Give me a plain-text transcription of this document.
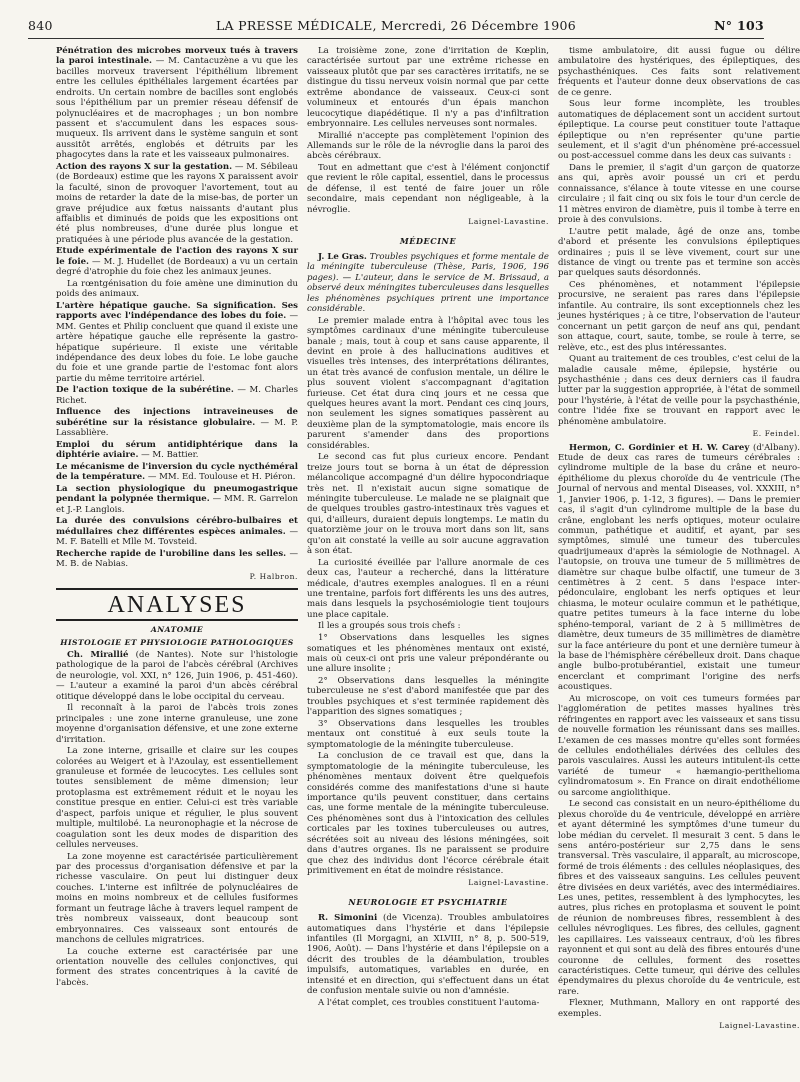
840	LA PRESSE MÉDICALE, Mercredi, 26 Décembre 1906	N° 103

Pénétration des microbes morveux tués à travers la paroi intestinale. — M. Cantacuzène a vu que les bacilles morveux traversent l'épithélium librement entre les cellules épithéliales largement écartées par endroits. Un certain nombre de bacilles sont englobés sous l'épithélium par un premier réseau défensif de polynucléaires et de macrophages ; un bon nombre passent et s'accumulent dans les espaces sous-muqueux. Ils arrivent dans le système sanguin et sont aussitôt arrêtés, englobés et détruits par les phagocytes dans la rate et les vaisseaux pulmonaires.

Action des rayons X sur la gestation. — M. Sébileau (de Bordeaux) estime que les rayons X paraissent avoir la faculté, sinon de provoquer l'avortement, tout au moins de retarder la date de la mise-bas, de porter un grave préjudice aux fœtus naissants d'autant plus affaiblis et diminués de poids que les expositions ont été plus nombreuses, d'une durée plus longue et pratiquées à une période plus avancée de la gestation.

Etude expérimentale de l'action des rayons X sur le foie. — M. J. Hudellet (de Bordeaux) a vu un certain degré d'atrophie du foie chez les animaux jeunes.

La rœntgénisation du foie amène une diminution du poids des animaux.

L'artère hépatique gauche. Sa signification. Ses rapports avec l'indépendance des lobes du foie. — MM. Gentes et Philip concluent que quand il existe une artère hépatique gauche elle représente la gastro-hépatique supérieure. Il existe une véritable indépendance des deux lobes du foie. Le lobe gauche du foie et une grande partie de l'estomac font alors partie du même territoire artériel.

De l'action toxique de la subérétine. — M. Charles Richet.

Influence des injections intraveineuses de subérétine sur la résistance globulaire. — M. P. Lassablière.

Emploi du sérum antidiphtérique dans la diphtérie aviaire. — M. Battier.

Le mécanisme de l'inversion du cycle nycthéméral de la température. — MM. Ed. Toulouse et H. Piéron.

La section physiologique du pneumogastrique pendant la polypnée thermique. — MM. R. Garrelon et J.-P. Langlois.

La durée des convulsions cérébro-bulbaires et médullaires chez différentes espèces animales. — M. F. Batelli et Mlle M. Tovsteid.

Recherche rapide de l'urobiline dans les selles. — M. B. de Nabias.

P. Halbron.

ANALYSES

ANATOMIE

HISTOLOGIE ET PHYSIOLOGIE PATHOLOGIQUES

Ch. Mirallié (de Nantes). Note sur l'histologie pathologique de la paroi de l'abcès cérébral (Archives de neurologie, vol. XXI, n° 126, Juin 1906, p. 451-460). — L'auteur a examiné la paroi d'un abcès cérébral otitique développé dans le lobe occipital du cerveau.

Il reconnaît à la paroi de l'abcès trois zones principales : une zone interne granuleuse, une zone moyenne d'organisation défensive, et une zone externe d'irritation.

La zone interne, grisaille et claire sur les coupes colorées au Weigert et à l'Azoulay, est essentiellement granuleuse et formée de leucocytes. Les cellules sont toutes sensiblement de même dimension; leur protoplasma est extrêmement réduit et le noyau les constitue presque en entier. Celui-ci est très variable d'aspect, parfois unique et régulier, le plus souvent multiple, multilobé. La neuronophagie et la nécrose de coagulation sont les deux modes de disparition des cellules nerveuses.

La zone moyenne est caractérisée particulièrement par des processus d'organisation défensive et par la richesse vasculaire. On peut lui distinguer deux couches. L'interne est infiltrée de polynucléaires de moins en moins nombreux et de cellules fusiformes formant un feutrage lâche à travers lequel rampent de très nombreux vaisseaux, dont beaucoup sont embryonnaires. Ces vaisseaux sont entourés de manchons de cellules migratrices.

La couche externe est caractérisée par une orientation nouvelle des cellules conjonctives, qui forment des strates concentriques à la cavité de l'abcès.

La troisième zone, zone d'irritation de Kœplin, caractérisée surtout par une extrême richesse en vaisseaux plutôt que par ses caractères irritatifs, ne se distingue du tissu nerveux voisin normal que par cette extrême abondance de vaisseaux. Ceux-ci sont volumineux et entourés d'un épais manchon leucocytique diapédétique. Il n'y a pas d'infiltration embryonnaire. Les cellules nerveuses sont normales.

Mirallié n'accepte pas complètement l'opinion des Allemands sur le rôle de la névroglie dans la paroi des abcès cérébraux.

Tout en admettant que c'est à l'élément conjonctif que revient le rôle capital, essentiel, dans le processus de défense, il est tenté de faire jouer un rôle secondaire, mais cependant non négligeable, à la névroglie.

Laignel-Lavastine.

MÉDECINE

J. Le Gras. Troubles psychiques et forme mentale de la méningite tuberculeuse (Thèse, Paris, 1906, 196 pages). — L'auteur, dans le service de M. Brissaud, a observé deux méningites tuberculeuses dans lesquelles les phénomènes psychiques prirent une importance considérable.

Le premier malade entra à l'hôpital avec tous les symptômes cardinaux d'une méningite tuberculeuse banale ; mais, tout à coup et sans cause apparente, il devint en proie à des hallucinations auditives et visuelles très intenses, des interprétations délirantes, un état très avancé de confusion mentale, un délire le plus souvent violent s'accompagnant d'agitation furieuse. Cet état dura cinq jours et ne cessa que quelques heures avant la mort. Pendant ces cinq jours, non seulement les signes somatiques passèrent au deuxième plan de la symptomatologie, mais encore ils parurent s'amender dans des proportions considérables.

Le second cas fut plus curieux encore. Pendant treize jours tout se borna à un état de dépression mélancolique accompagné d'un délire hypocondriaque très net. Il n'existait aucun signe somatique de méningite tuberculeuse. Le malade ne se plaignait que de quelques troubles gastro-intestinaux très vagues et qui, d'ailleurs, duraient depuis longtemps. Le matin du quatorzième jour on le trouva mort dans son lit, sans qu'on ait constaté la veille au soir aucune aggravation à son état.

La curiosité éveillée par l'allure anormale de ces deux cas, l'auteur a recherché, dans la littérature médicale, d'autres exemples analogues. Il en a réuni une trentaine, parfois fort différents les uns des autres, mais dans lesquels la psychosémiologie tient toujours une place capitale.

Il les a groupés sous trois chefs :

1° Observations dans lesquelles les signes somatiques et les phénomènes mentaux ont existé, mais où ceux-ci ont pris une valeur prépondérante ou une allure insolite ;

2° Observations dans lesquelles la méningite tuberculeuse ne s'est d'abord manifestée que par des troubles psychiques et s'est terminée rapidement dès l'apparition des signes somatiques ;

3° Observations dans lesquelles les troubles mentaux ont constitué à eux seuls toute la symptomatologie de la méningite tuberculeuse.

La conclusion de ce travail est que, dans la symptomatologie de la méningite tuberculeuse, les phénomènes mentaux doivent être quelquefois considérés comme des manifestations d'une si haute importance qu'ils peuvent constituer, dans certains cas, une forme mentale de la méningite tuberculeuse. Ces phénomènes sont dus à l'intoxication des cellules corticales par les toxines tuberculeuses ou autres, sécrétées soit au niveau des lésions méningées, soit dans d'autres organes. Ils ne paraissent se produire que chez des individus dont l'écorce cérébrale était primitivement en état de moindre résistance.

Laignel-Lavastine.

NEUROLOGIE ET PSYCHIATRIE

R. Simonini (de Vicenza). Troubles ambulatoires automatiques dans l'hystérie et dans l'épilepsie infantiles (Il Morgagni, an XLVIII, n° 8, p. 500-519, 1906, Août). — Dans l'hystérie et dans l'épilepsie on a décrit des troubles de la déambulation, troubles impulsifs, automatiques, variables en durée, en intensité et en direction, qui s'effectuent dans un état de confusion mentale suivie ou non d'amnésie.

A l'état complet, ces troubles constituent l'automa-

tisme ambulatoire, dit aussi fugue ou délire ambulatoire des hystériques, des épileptiques, des psychasthéniques. Ces faits sont relativement fréquents et l'auteur donne deux observations de cas de ce genre.

Sous leur forme incomplète, les troubles automatiques de déplacement sont un accident surtout épileptique. La course peut constituer toute l'attaque épileptique ou n'en représenter qu'une partie seulement, et il s'agit d'un phénomène pré-accessuel ou post-accessuel comme dans les deux cas suivants :

Dans le premier, il s'agit d'un garçon de quatorze ans qui, après avoir poussé un cri et perdu connaissance, s'élance à toute vitesse en une course circulaire ; il fait cinq ou six fois le tour d'un cercle de 11 mètres environ de diamètre, puis il tombe à terre en proie à des convulsions.

L'autre petit malade, âgé de onze ans, tombe d'abord et présente les convulsions épileptiques ordinaires ; puis il se lève vivement, court sur une distance de vingt ou trente pas et termine son accès par quelques sauts désordonnés.

Ces phénomènes, et notamment l'épilepsie procursive, ne seraient pas rares dans l'épilepsie infantile. Au contraire, ils sont exceptionnels chez les jeunes hystériques ; à ce titre, l'observation de l'auteur concernant un petit garçon de neuf ans qui, pendant son attaque, court, saute, tombe, se roule à terre, se relève, etc., est des plus intéressantes.

Quant au traitement de ces troubles, c'est celui de la maladie causale même, épilepsie, hystérie ou psychasthénie ; dans ces deux derniers cas il faudra lutter par la suggestion appropriée, à l'état de sommeil pour l'hystérie, à l'état de veille pour la psychasthénie, contre l'idée fixe se trouvant en rapport avec le phénomène ambulatoire.

E. Feindel.

Hermon, C. Gordinier et H. W. Carey (d'Albany). Etude de deux cas rares de tumeurs cérébrales : cylindrome multiple de la base du crâne et neuro-épithéliome du plexus choroïde du 4e ventricule (The Journal of nervous and mental Diseases, vol. XXXIII, n° 1, Janvier 1906, p. 1-12, 3 figures). — Dans le premier cas, il s'agit d'un cylindrome multiple de la base du crâne, englobant les nerfs optiques, moteur oculaire commun, pathétique et auditif, et ayant, par ses symptômes, simulé une tumeur des tubercules quadrijumeaux d'après la sémiologie de Nothnagel. A l'autopsie, on trouva une tumeur de 5 millimètres de diamètre sur chaque bulbe olfactif, une tumeur de 3 centimètres à 2 cent. 5 dans l'espace inter-pédonculaire, englobant les nerfs optiques et leur chiasma, le moteur oculaire commun et le pathétique, quatre petites tumeurs à la face interne du lobe sphéno-temporal, variant de 2 à 5 millimètres de diamètre, deux tumeurs de 35 millimètres de diamètre sur la face antérieure du pont et une dernière tumeur à la base de l'hémisphère cérébelleux droit. Dans chaque angle bulbo-protubérantiel, existait une tumeur encerclant et comprimant l'origine des nerfs acoustiques.

Au microscope, on voit ces tumeurs formées par l'agglomération de petites masses hyalines très réfringentes en rapport avec les vaisseaux et sans tissu de nouvelle formation les réunissant dans ses mailles. L'examen de ces masses montre qu'elles sont formées de cellules endothéliales dérivées des cellules des parois vasculaires. Aussi les auteurs intitulent-ils cette variété de tumeur « hæmangio-perithelioma cylindromatosum ». En France on dirait endothéliome ou sarcome angiolithique.

Le second cas consistait en un neuro-épithéliome du plexus choroïde du 4e ventricule, développé en arrière et ayant déterminé les symptômes d'une tumeur du lobe médian du cervelet. Il mesurait 3 cent. 5 dans le sens antéro-postérieur sur 2,75 dans le sens transversal. Très vasculaire, il apparaît, au microscope, formé de trois éléments : des cellules néoplasiques, des fibres et des vaisseaux sanguins. Les cellules peuvent être divisées en deux variétés, avec des intermédiaires. Les unes, petites, ressemblent à des lymphocytes, les autres, plus riches en protoplasma et souvent le point de réunion de nombreuses fibres, ressemblent à des cellules névrogliques. Les fibres, des cellules, gagnent les capillaires. Les vaisseaux centraux, d'où les fibres rayonnent et qui sont au delà des fibres entourés d'une couronne de cellules, forment des rosettes caractéristiques. Cette tumeur, qui dérive des cellules épendymaires du plexus choroïde du 4e ventricule, est rare.

Flexner, Muthmann, Mallory en ont rapporté des exemples.

Laignel-Lavastine.
